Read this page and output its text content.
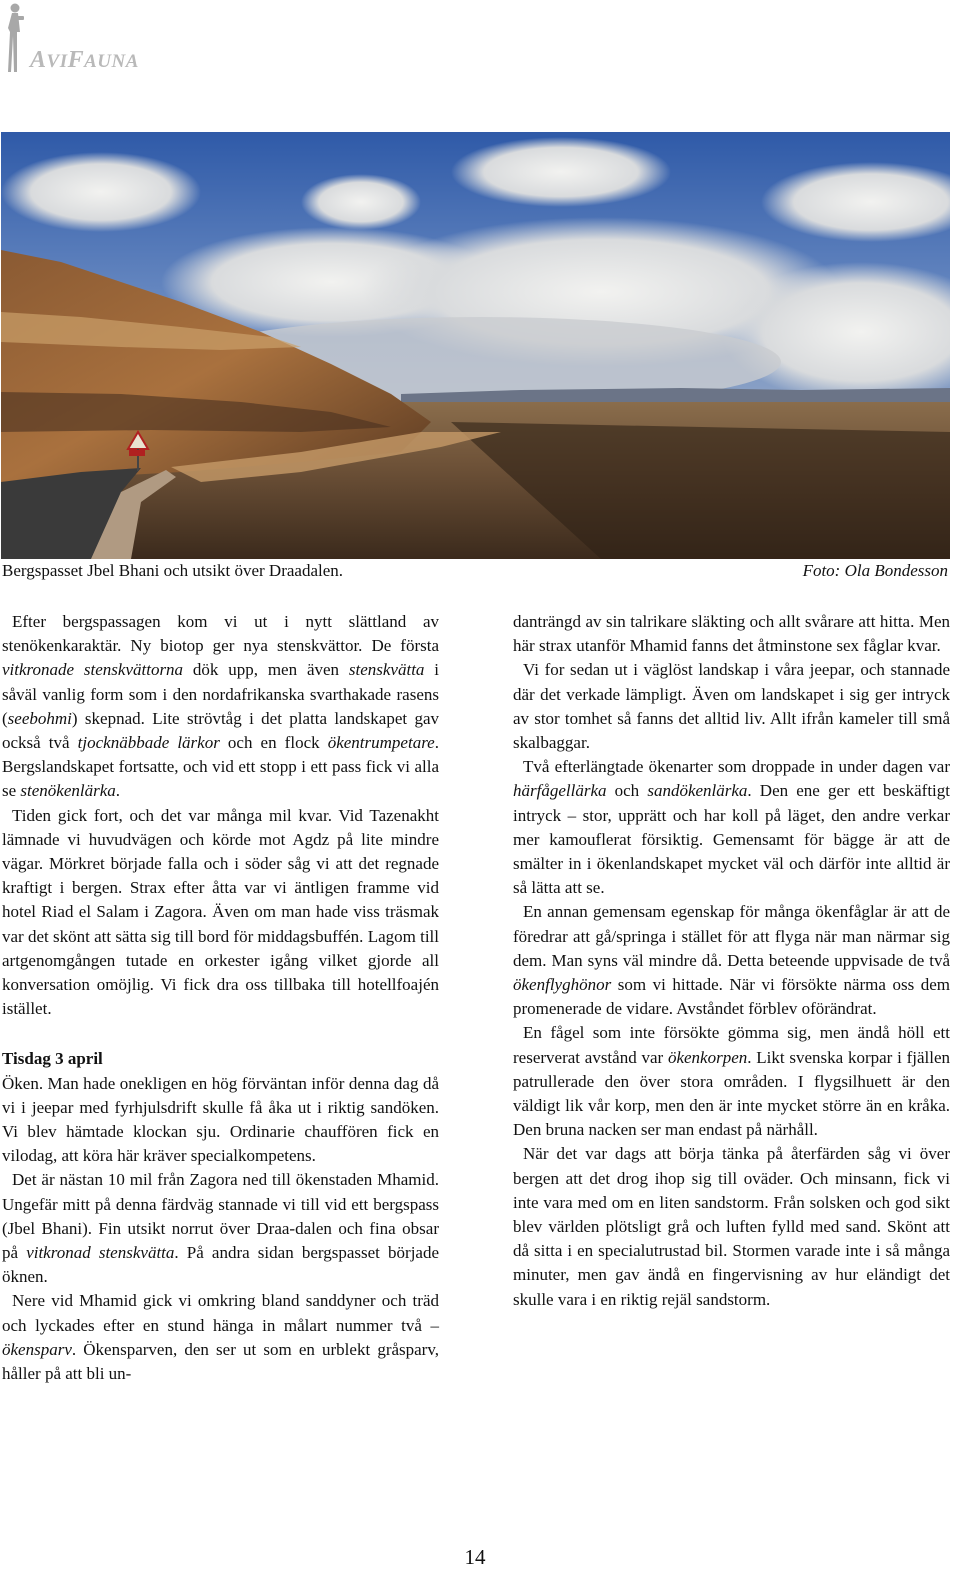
AVIFAUNA
Bergspasset Jbel Bhani och utsikt över Draadalen.	Foto: Ola Bondesson

Efter bergspassagen kom vi ut i nytt slättland av stenökenkaraktär. Ny biotop ger nya stenskvättor. De första vitkronade stenskvättorna dök upp, men även stenskvätta i såväl vanlig form som i den nordafrikanska svarthakade rasens (seebohmi) skepnad. Lite strövtåg i det platta landskapet gav också två tjocknäbbade lärkor och en flock ökentrumpetare. Bergslandskapet fortsatte, och vid ett stopp i ett pass fick vi alla se stenökenlärka.

Tiden gick fort, och det var många mil kvar. Vid Tazenakht lämnade vi huvudvägen och körde mot Agdz på lite mindre vägar. Mörkret började falla och i söder såg vi att det regnade kraftigt i bergen. Strax efter åtta var vi äntligen framme vid hotel Riad el Salam i Zagora. Även om man hade viss träsmak var det skönt att sätta sig till bord för middagsbuffén. Lagom till artgenomgången tutade en orkester igång vilket gjorde all konversation omöjlig. Vi fick dra oss tillbaka till hotellfoajén istället.

Tisdag 3 april

Öken. Man hade onekligen en hög förväntan inför denna dag då vi i jeepar med fyrhjulsdrift skulle få åka ut i riktig sandöken. Vi blev hämtade klockan sju. Ordinarie chauffören fick en vilodag, att köra här kräver specialkompetens.

Det är nästan 10 mil från Zagora ned till ökenstaden Mhamid. Ungefär mitt på denna färdväg stannade vi till vid ett bergspass (Jbel Bhani). Fin utsikt norrut över Draa-dalen och fina obsar på vitkronad stenskvätta. På andra sidan bergspasset började öknen.

Nere vid Mhamid gick vi omkring bland sanddyner och träd och lyckades efter en stund hänga in målart nummer två – ökensparv. Ökensparven, den ser ut som en urblekt gråsparv, håller på att bli un-

danträngd av sin talrikare släkting och allt svårare att hitta. Men här strax utanför Mhamid fanns det åtminstone sex fåglar kvar.

Vi for sedan ut i väglöst landskap i våra jeepar, och stannade där det verkade lämpligt. Även om landskapet i sig ger intryck av stor tomhet så fanns det alltid liv. Allt ifrån kameler till små skalbaggar.

Två efterlängtade ökenarter som droppade in under dagen var härfågellärka och sandökenlärka. Den ene ger ett beskäftigt intryck – stor, upprätt och har koll på läget, den andre verkar mer kamouflerat försiktig. Gemensamt för bägge är att de smälter in i ökenlandskapet mycket väl och därför inte alltid är så lätta att se.

En annan gemensam egenskap för många ökenfåglar är att de föredrar att gå/springa i stället för att flyga när man närmar sig dem. Man syns väl mindre då. Detta beteende uppvisade de två ökenflyghönor som vi hittade. När vi försökte närma oss dem promenerade de vidare. Avståndet förblev oförändrat.

En fågel som inte försökte gömma sig, men ändå höll ett reserverat avstånd var ökenkorpen. Likt svenska korpar i fjällen patrullerade den över stora områden. I flygsilhuett är den väldigt lik vår korp, men den är inte mycket större än en kråka. Den bruna nacken ser man endast på närhåll.

När det var dags att börja tänka på återfärden såg vi över bergen att det drog ihop sig till oväder. Och minsann, fick vi inte vara med om en liten sandstorm. Från solsken och god sikt blev världen plötsligt grå och luften fylld med sand. Skönt att då sitta i en specialutrustad bil. Stormen varade inte i så många minuter, men gav ändå en fingervisning av hur eländigt det skulle vara i en riktig rejäl sandstorm.

14
